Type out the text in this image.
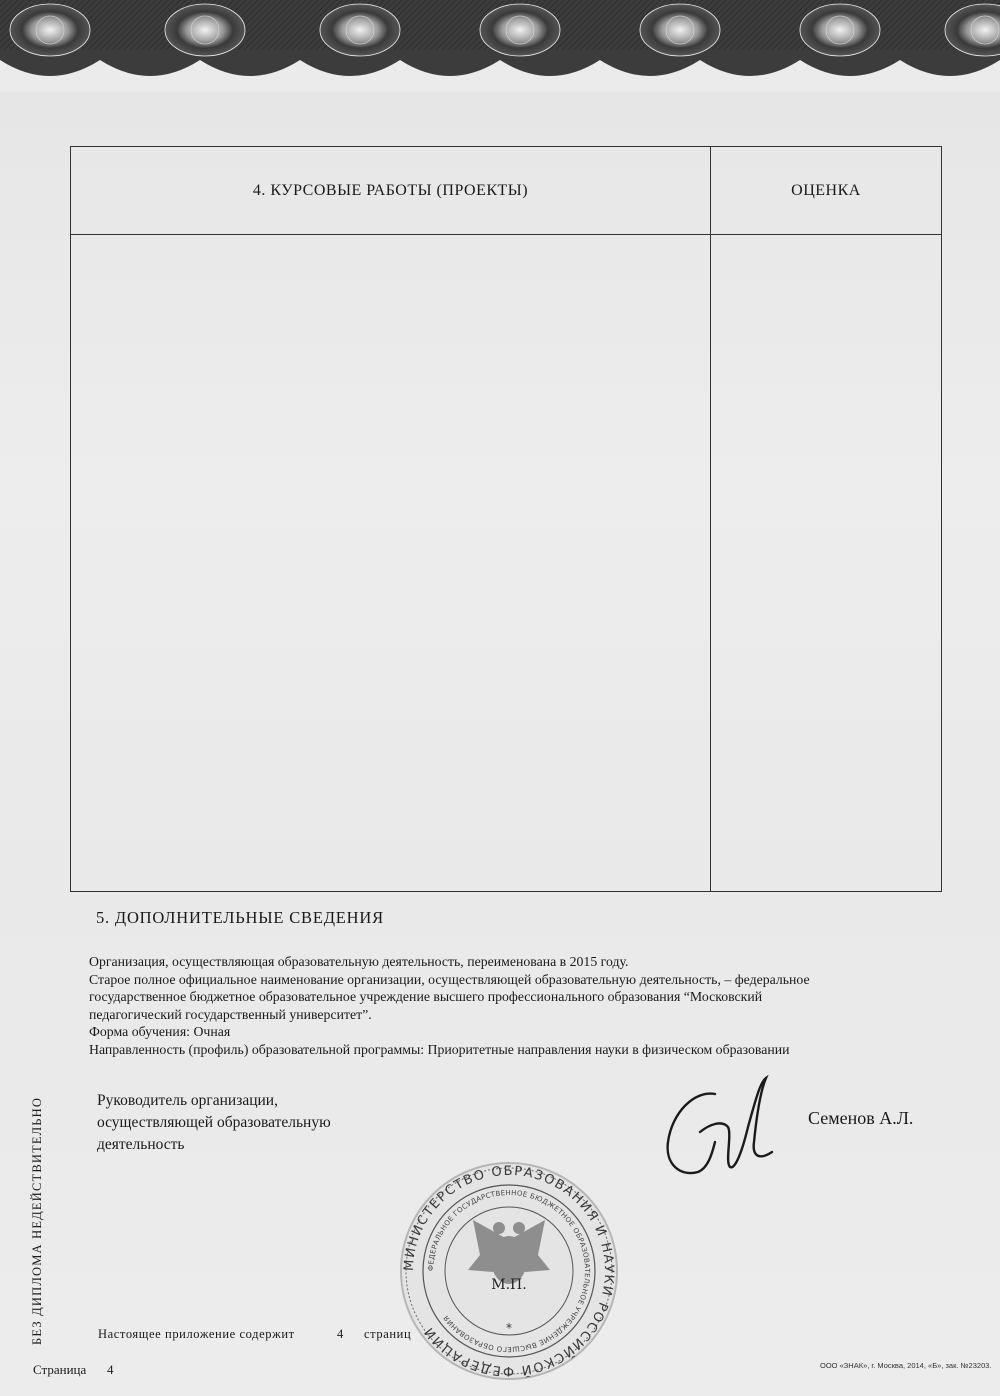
4. КУРСОВЫЕ РАБОТЫ (ПРОЕКТЫ)	ОЦЕНКА

5. ДОПОЛНИТЕЛЬНЫЕ СВЕДЕНИЯ
Организация, осуществляющая образовательную деятельность, переименована в 2015 году.
Старое полное официальное наименование организации, осуществляющей образовательную деятельность, – федеральное
государственное бюджетное образовательное учреждение высшего профессионального образования “Московский
педагогический государственный университет”.
Форма обучения: Очная
Направленность (профиль) образовательной программы: Приоритетные направления науки в физическом образовании
Руководитель организации,
осуществляющей образовательную
деятельность
Семенов А.Л.
МИНИСТЕРСТВО ОБРАЗОВАНИЯ И НАУКИ РОССИЙСКОЙ ФЕДЕРАЦИИ
ФЕДЕРАЛЬНОЕ ГОСУДАРСТВЕННОЕ БЮДЖЕТНОЕ ОБРАЗОВАТЕЛЬНОЕ УЧРЕЖДЕНИЕ ВЫСШЕГО ОБРАЗОВАНИЯ
М.П.
*
БЕЗ ДИПЛОМА НЕДЕЙСТВИТЕЛЬНО	Настоящее приложение содержит	4 страниц
Страница 4	ООО «ЗНАК», г. Москва, 2014, «Б», зак. №23203.
